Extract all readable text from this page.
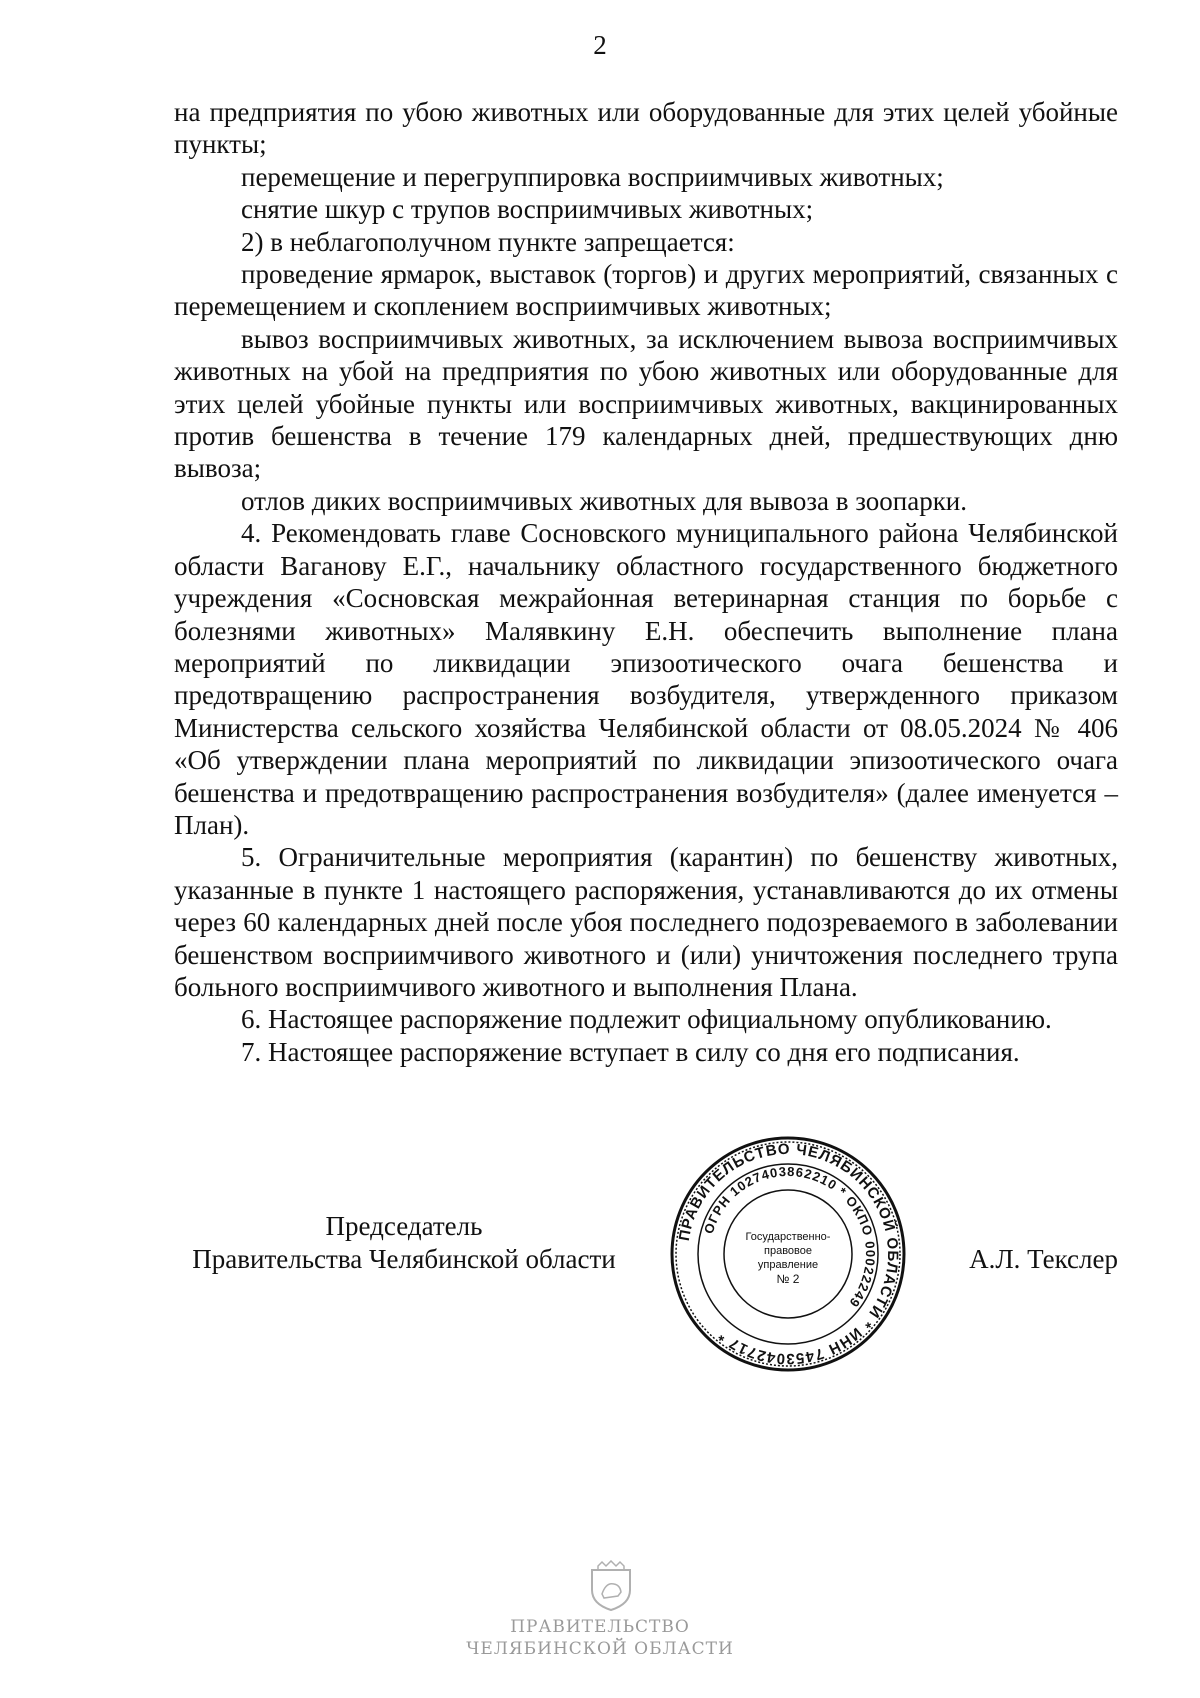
2

на предприятия по убою животных или оборудованные для этих целей убойные пункты;

перемещение и перегруппировка восприимчивых животных;

снятие шкур с трупов восприимчивых животных;

2) в неблагополучном пункте запрещается:

проведение ярмарок, выставок (торгов) и других мероприятий, связанных с перемещением и скоплением восприимчивых животных;

вывоз восприимчивых животных, за исключением вывоза восприимчивых животных на убой на предприятия по убою животных или оборудованные для этих целей убойные пункты или восприимчивых животных, вакцинированных против бешенства в течение 179 календарных дней, предшествующих дню вывоза;

отлов диких восприимчивых животных для вывоза в зоопарки.

4. Рекомендовать главе Сосновского муниципального района Челябинской области Ваганову Е.Г., начальнику областного государственного бюджетного учреждения «Сосновская межрайонная ветеринарная станция по борьбе с болезнями животных» Малявкину Е.Н. обеспечить выполнение плана мероприятий по ликвидации эпизоотического очага бешенства и предотвращению распространения возбудителя, утвержденного приказом Министерства сельского хозяйства Челябинской области от 08.05.2024 № 406 «Об утверждении плана мероприятий по ликвидации эпизоотического очага бешенства и предотвращению распространения возбудителя» (далее именуется – План).

5. Ограничительные мероприятия (карантин) по бешенству животных, указанные в пункте 1 настоящего распоряжения, устанавливаются до их отмены через 60 календарных дней после убоя последнего подозреваемого в заболевании бешенством восприимчивого животного и (или) уничтожения последнего трупа больного восприимчивого животного и выполнения Плана.

6. Настоящее распоряжение подлежит официальному опубликованию.

7. Настоящее распоряжение вступает в силу со дня его подписания.

Председатель
Правительства Челябинской области	А.Л. Текслер
ПРАВИТЕЛЬСТВО ЧЕЛЯБИНСКОЙ ОБЛАСТИ * ИНН 7453042717 *
ОГРН 1027403862210 * ОКПО 00022249
Государственно-
правовое
управление
№ 2
ПРАВИТЕЛЬСТВО
ЧЕЛЯБИНСКОЙ ОБЛАСТИ
